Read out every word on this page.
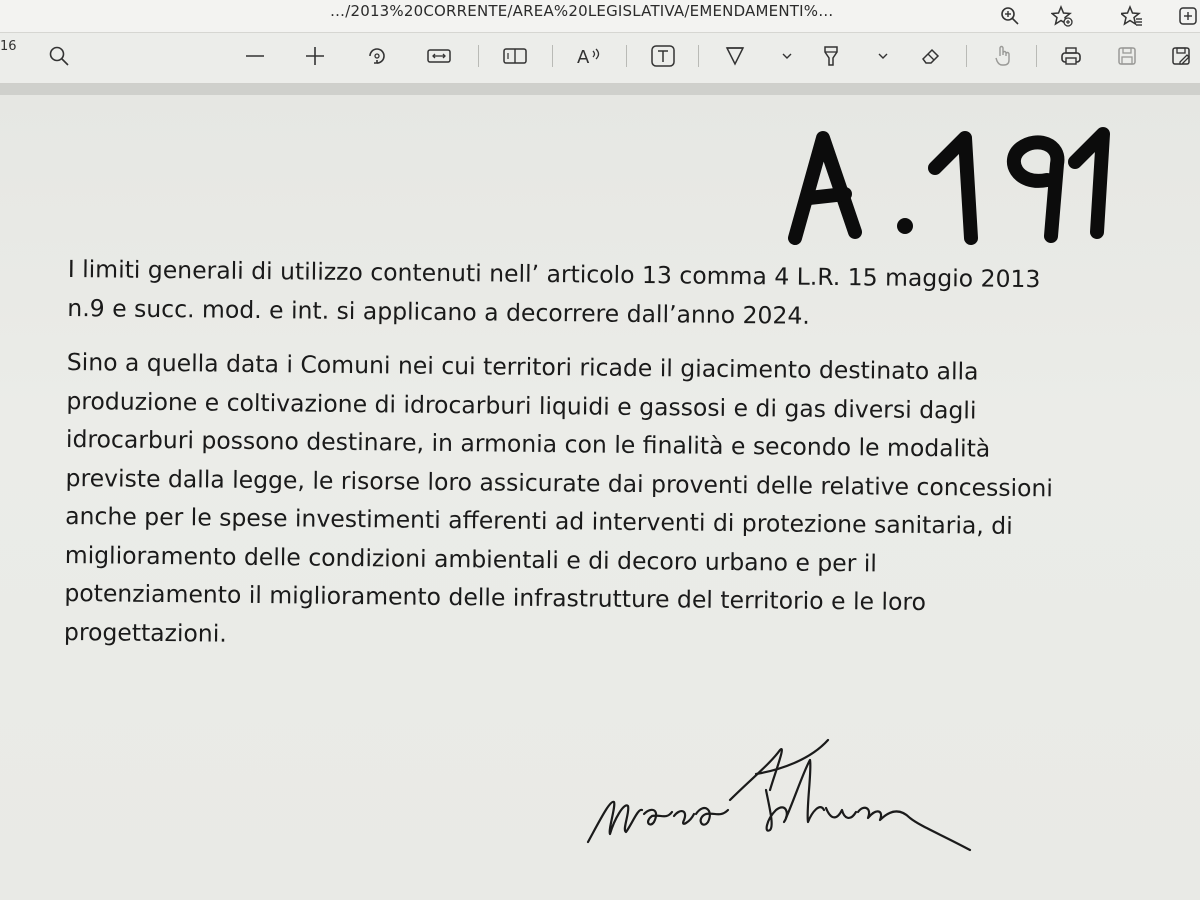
…/2013%20CORRENTE/AREA%20LEGISLATIVA/EMENDAMENTI%…
16
A

I limiti generali di utilizzo contenuti nell’ articolo 13 comma 4 L.R. 15 maggio 2013
n.9 e succ. mod. e int. si applicano a decorrere dall’anno 2024.

Sino a quella data i Comuni nei cui territori ricade il giacimento destinato alla
produzione e coltivazione di idrocarburi liquidi e gassosi e di gas diversi dagli
idrocarburi possono destinare, in armonia con le finalità e secondo le modalità
previste dalla legge, le risorse loro assicurate dai proventi delle relative concessioni
anche per le spese investimenti afferenti ad interventi di protezione sanitaria, di
miglioramento delle condizioni ambientali e di decoro urbano e per il
potenziamento il miglioramento delle infrastrutture del territorio e le loro
progettazioni.
